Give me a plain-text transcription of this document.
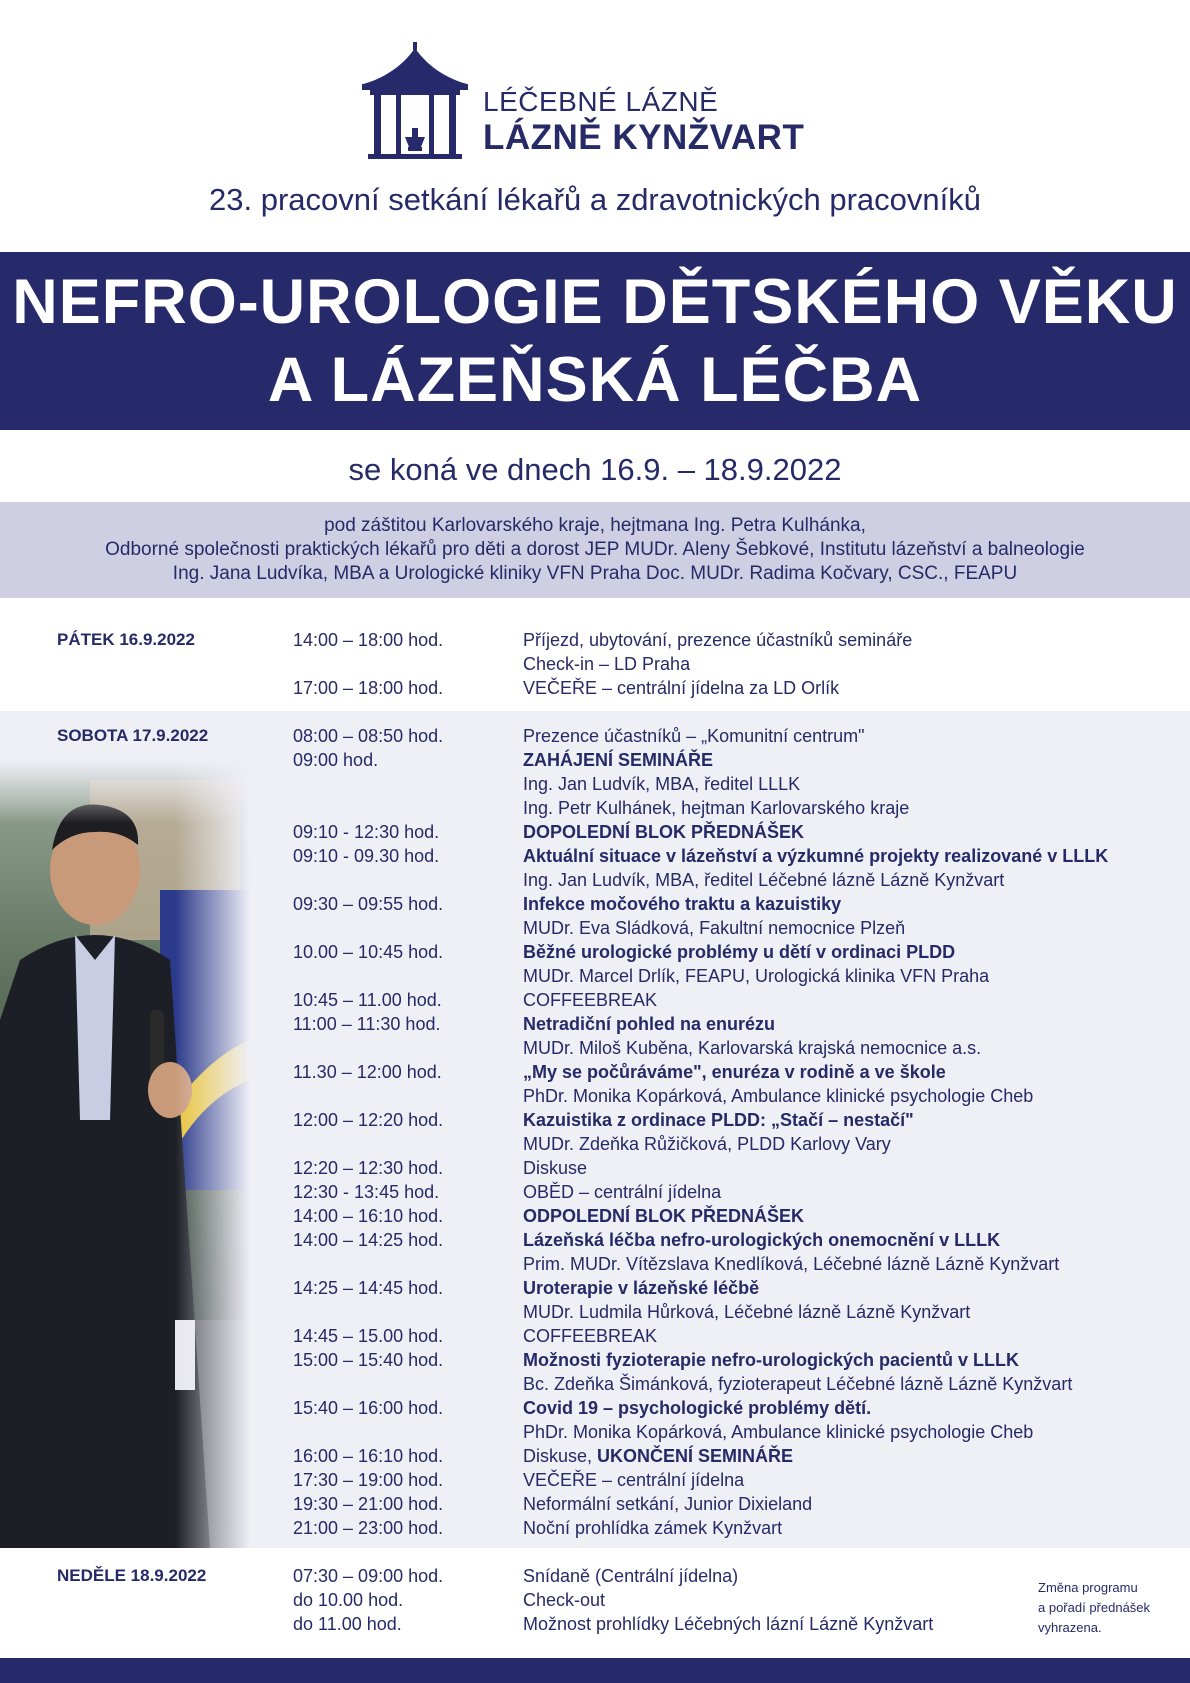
LÉČEBNÉ LÁZNĚ
LÁZNĚ KYNŽVART
23. pracovní setkání lékařů a zdravotnických pracovníků
NEFRO-UROLOGIE DĚTSKÉHO VĚKU
A LÁZEŇSKÁ LÉČBA
se koná ve dnech 16.9. – 18.9.2022
pod záštitou Karlovarského kraje, hejtmana Ing. Petra Kulhánka,
Odborné společnosti praktických lékařů pro děti a dorost JEP MUDr. Aleny Šebkové, Institutu lázeňství a balneologie
Ing. Jana Ludvíka, MBA a Urologické kliniky VFN Praha Doc. MUDr. Radima Kočvary, CSC., FEAPU
PÁTEK 16.9.2022	14:00 – 18:00 hod.	Příjezd, ubytování, prezence účastníků semináře
Check-in – LD Praha
17:00 – 18:00 hod.	VEČEŘE – centrální jídelna za LD Orlík
SOBOTA 17.9.2022	08:00 – 08:50 hod.	Prezence účastníků – „Komunitní centrum"
09:00 hod.	ZAHÁJENÍ SEMINÁŘE
Ing. Jan Ludvík, MBA, ředitel LLLK
Ing. Petr Kulhánek, hejtman Karlovarského kraje
09:10 - 12:30 hod.	DOPOLEDNÍ BLOK PŘEDNÁŠEK
09:10 - 09.30 hod.	Aktuální situace v lázeňství a výzkumné projekty realizované v LLLK
Ing. Jan Ludvík, MBA, ředitel Léčebné lázně Lázně Kynžvart
09:30 – 09:55 hod.	Infekce močového traktu a kazuistiky
MUDr. Eva Sládková, Fakultní nemocnice Plzeň
10.00 – 10:45 hod.	Běžné urologické problémy u dětí v ordinaci PLDD
MUDr. Marcel Drlík, FEAPU, Urologická klinika VFN Praha
10:45 – 11.00 hod.	COFFEEBREAK
11:00 – 11:30 hod.	Netradiční pohled na enurézu
MUDr. Miloš Kuběna, Karlovarská krajská nemocnice a.s.
11.30 – 12:00 hod.	„My se počůráváme", enuréza v rodině a ve škole
PhDr. Monika Kopárková, Ambulance klinické psychologie Cheb
12:00 – 12:20 hod.	Kazuistika z ordinace PLDD: „Stačí – nestačí"
MUDr. Zdeňka Růžičková, PLDD Karlovy Vary
12:20 – 12:30 hod.	Diskuse
12:30 - 13:45 hod.	OBĚD – centrální jídelna
14:00 – 16:10 hod.	ODPOLEDNÍ BLOK PŘEDNÁŠEK
14:00 – 14:25 hod.	Lázeňská léčba nefro-urologických onemocnění v LLLK
Prim. MUDr. Vítězslava Knedlíková, Léčebné lázně Lázně Kynžvart
14:25 – 14:45 hod.	Uroterapie v lázeňské léčbě
MUDr. Ludmila Hůrková, Léčebné lázně Lázně Kynžvart
14:45 – 15.00 hod.	COFFEEBREAK
15:00 – 15:40 hod.	Možnosti fyzioterapie nefro-urologických pacientů v LLLK
Bc. Zdeňka Šimánková, fyzioterapeut Léčebné lázně Lázně Kynžvart
15:40 – 16:00 hod.	Covid 19 – psychologické problémy dětí.
PhDr. Monika Kopárková, Ambulance klinické psychologie Cheb
16:00 – 16:10 hod.	Diskuse, UKONČENÍ SEMINÁŘE
17:30 – 19:00 hod.	VEČEŘE – centrální jídelna
19:30 – 21:00 hod.	Neformální setkání, Junior Dixieland
21:00 – 23:00 hod.	Noční prohlídka zámek Kynžvart
NEDĚLE 18.9.2022	07:30 – 09:00 hod.	Snídaně (Centrální jídelna)
do 10.00 hod.	Check-out
do 11.00 hod.	Možnost prohlídky Léčebných lázní Lázně Kynžvart
Změna programu
a pořadí přednášek
vyhrazena.
